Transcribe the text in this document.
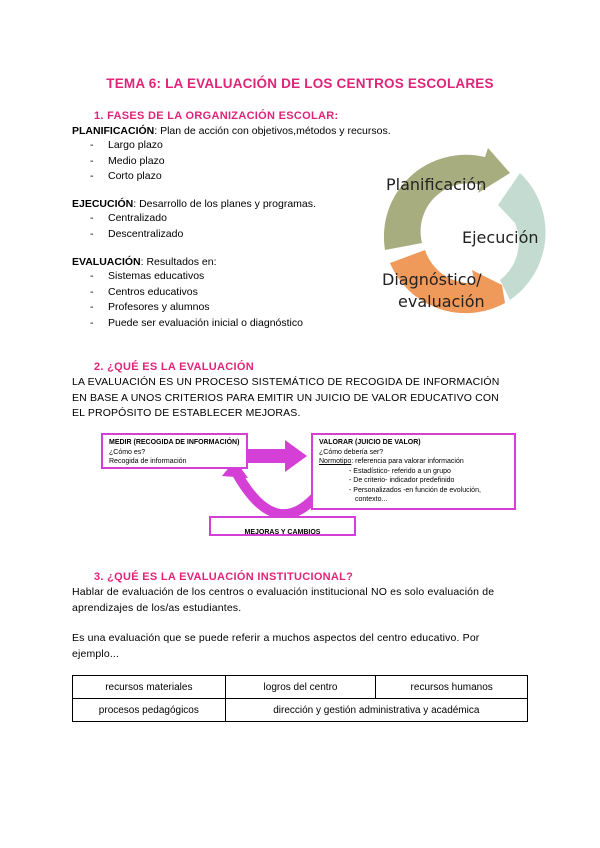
TEMA 6: LA EVALUACIÓN DE LOS CENTROS ESCOLARES
1. FASES DE LA ORGANIZACIÓN ESCOLAR:
PLANIFICACIÓN: Plan de acción con objetivos,métodos y recursos.
- Largo plazo
- Medio plazo
- Corto plazo
EJECUCIÓN: Desarrollo de los planes y programas.
- Centralizado
- Descentralizado
EVALUACIÓN: Resultados en:
- Sistemas educativos
- Centros educativos
- Profesores y alumnos
- Puede ser evaluación inicial o diagnóstico
Planificación
Ejecución
Diagnóstico/
evaluación
2. ¿QUÉ ES LA EVALUACIÓN
LA EVALUACIÓN ES UN PROCESO SISTEMÁTICO DE RECOGIDA DE INFORMACIÓN
EN BASE A UNOS CRITERIOS PARA EMITIR UN JUICIO DE VALOR EDUCATIVO CON
EL PROPÓSITO DE ESTABLECER MEJORAS.
MEDIR (RECOGIDA DE INFORMACIÓN)
¿Cómo es?
Recogida de información
VALORAR (JUICIO DE VALOR)
¿Cómo debería ser?
Normotipo: referencia para valorar información
- Estadístico- referido a un grupo
- De criterio- indicador predefinido
- Personalizados -en función de evolución,
contexto...
MEJORAS Y CAMBIOS
3. ¿QUÉ ES LA EVALUACIÓN INSTITUCIONAL?
Hablar de evaluación de los centros o evaluación institucional NO es solo evaluación de
aprendizajes de los/as estudiantes.
Es una evaluación que se puede referir a muchos aspectos del centro educativo. Por
ejemplo...
recursos materiales	logros del centro	recursos humanos
procesos pedagógicos	dirección y gestión administrativa y académica	
